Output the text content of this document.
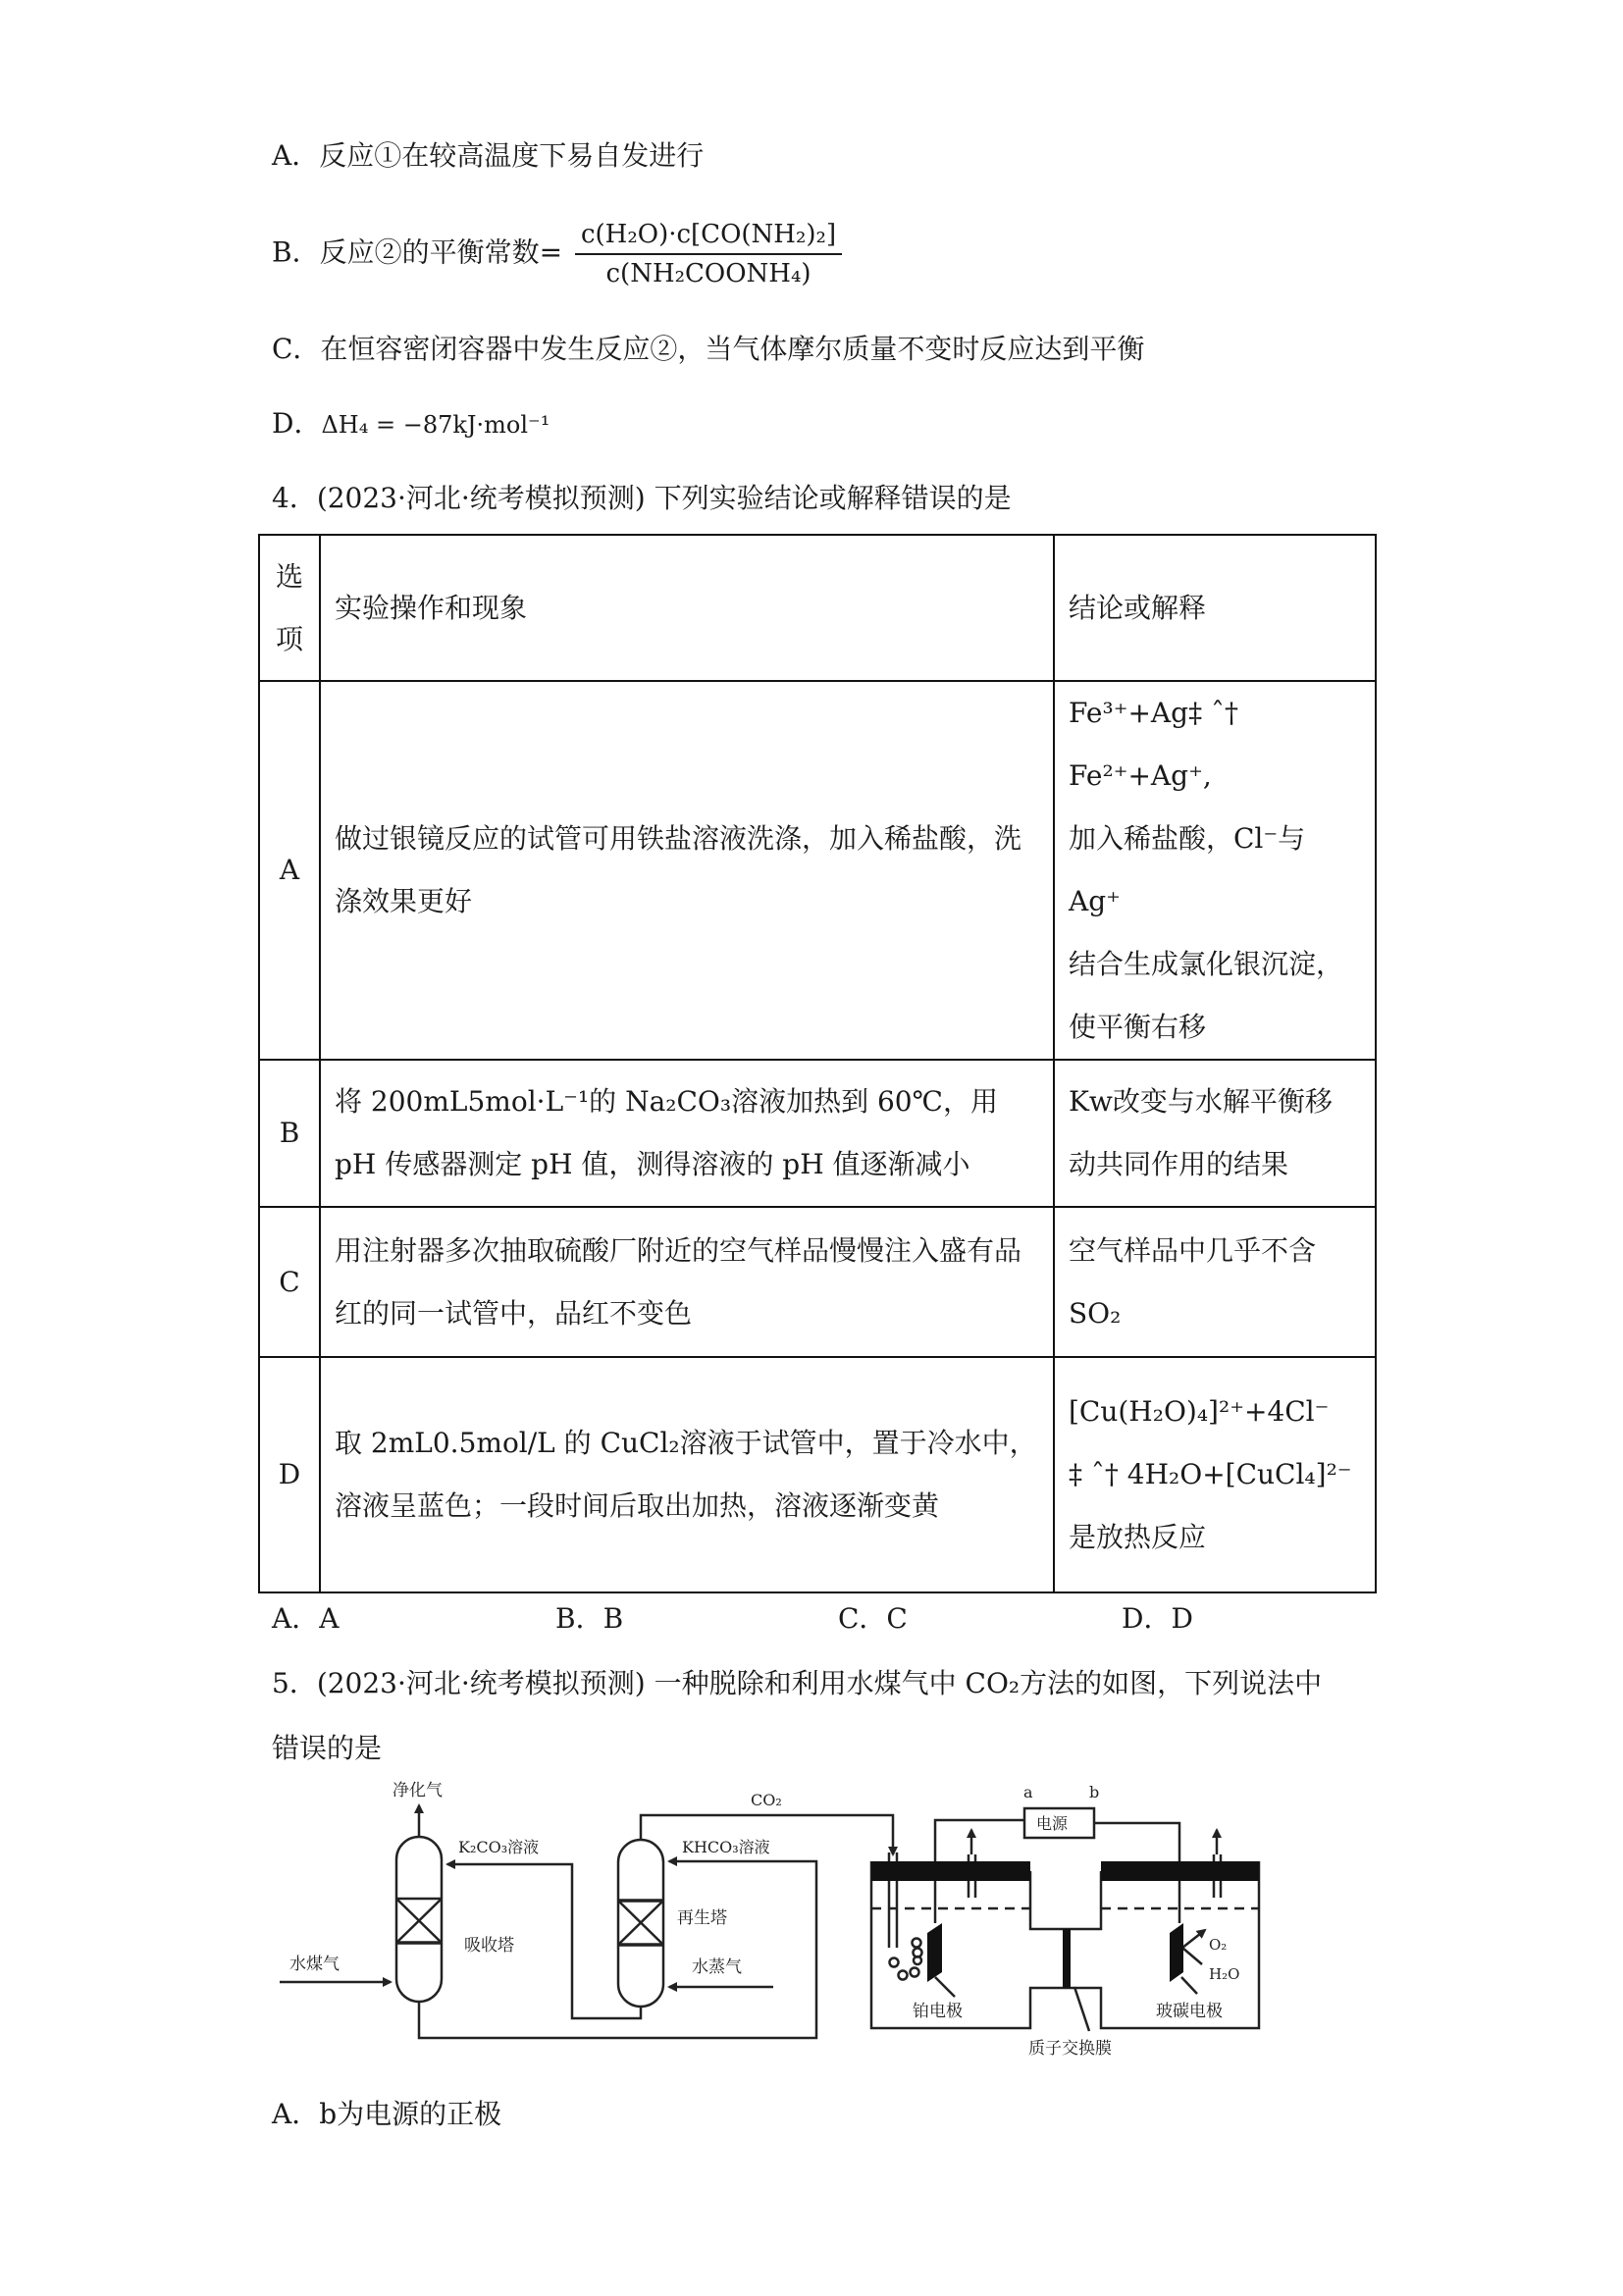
A．反应①在较高温度下易自发进行
B．反应②的平衡常数= $\frac{\text{c(H₂O)·c[CO(NH₂)₂]}}{\text{c(NH₂COONH₄)}}$
C．在恒容密闭容器中发生反应②，当气体摩尔质量不变时反应达到平衡
D．ΔH₄ = −87kJ·mol⁻¹
4．(2023·河北·统考模拟预测) 下列实验结论或解释错误的是
选
项	实验操作和现象	结论或解释
A	做过银镜反应的试管可用铁盐溶液洗涤，加入稀盐酸，洗涤效果更好	Fe³⁺+Ag‡ ˆ† Fe²⁺+Ag⁺,
加入稀盐酸，Cl⁻与 Ag⁺
结合生成氯化银沉淀，
使平衡右移

B	将 200mL5mol·L⁻¹的 Na₂CO₃溶液加热到 60℃，用pH 传感器测定 pH 值，测得溶液的 pH 值逐渐减小	Kw改变与水解平衡移
动共同作用的结果

C	用注射器多次抽取硫酸厂附近的空气样品慢慢注入盛有品红的同一试管中，品红不变色	空气样品中几乎不含
SO₂

D	取 2mL0.5mol/L 的 CuCl₂溶液于试管中，置于冷水中，溶液呈蓝色；一段时间后取出加热，溶液逐渐变黄	[Cu(H₂O)₄]²⁺+4Cl⁻
‡ ˆ† 4H₂O+[CuCl₄]²⁻
是放热反应
A．A	B．B	C．C	D．D
5．(2023·河北·统考模拟预测) 一种脱除和利用水煤气中 CO₂方法的如图，下列说法中
错误的是
净化气
K₂CO₃溶液	KHCO₃溶液
CO₂
水煤气
吸收塔
再生塔
水蒸气
a	b
电源
铂电极	玻碳电极
质子交换膜
O₂
H₂O
A．b为电源的正极
